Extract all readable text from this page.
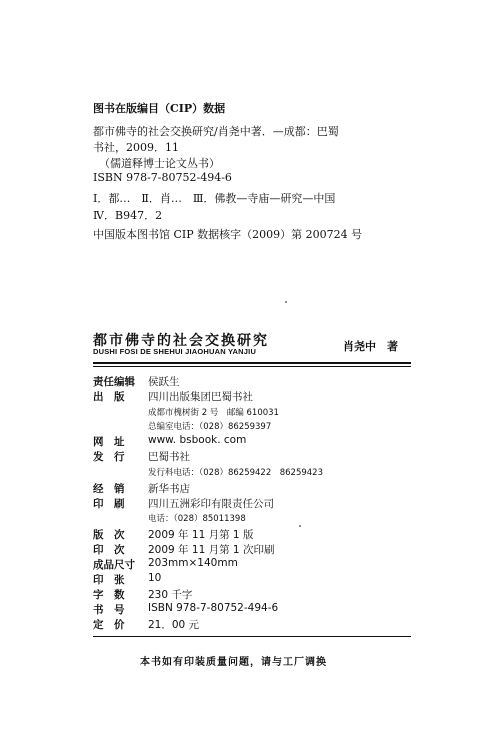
图书在版编目（CIP）数据
都市佛寺的社会交换研究/肖尧中著．—成都：巴蜀
书社，2009．11
（儒道释博士论文丛书）
ISBN 978-7-80752-494-6
Ⅰ．都…　Ⅱ．肖…　Ⅲ．佛教—寺庙—研究—中国
Ⅳ．B947．2
中国版本图书馆 CIP 数据核字（2009）第 200724 号
都市佛寺的社会交换研究
DUSHI FOSI DE SHEHUI JIAOHUAN YANJIU	肖尧中　著
责任编辑 侯跃生
出　版 四川出版集团巴蜀书社
成都市槐树街 2 号　邮编 610031
总编室电话：（028）86259397
网　址 www. bsbook. com
发　行 巴蜀书社
发行科电话：（028）86259422　86259423
经　销 新华书店
印　刷 四川五洲彩印有限责任公司
电话：（028）85011398
版　次 2009 年 11 月第 1 版
印　次 2009 年 11 月第 1 次印刷
成品尺寸 203mm×140mm
印　张 10
字　数 230 千字
书　号 ISBN 978-7-80752-494-6
定　价 21．00 元
本书如有印装质量问题，请与工厂调换
